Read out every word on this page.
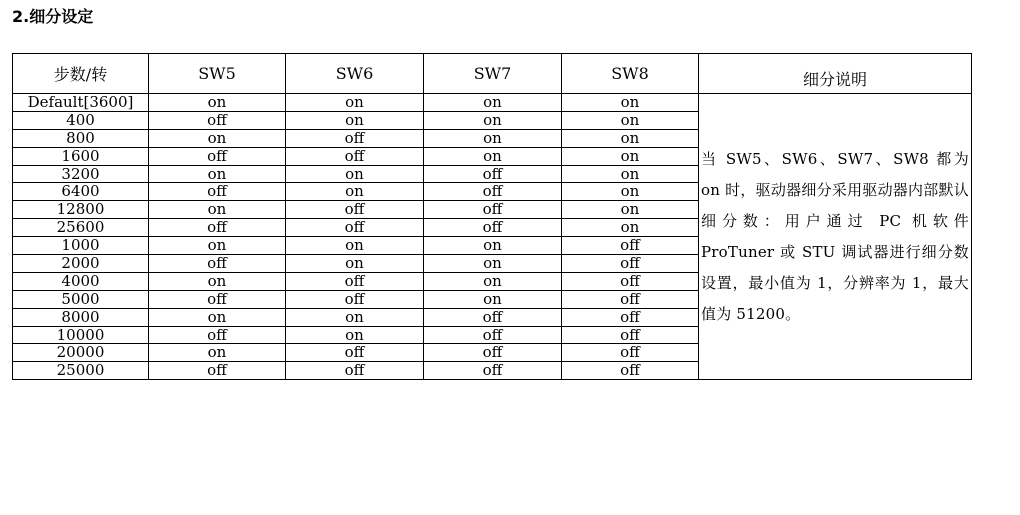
2.细分设定
步数/转	SW5	SW6	SW7	SW8	细分说明
Default[3600]	on	on	on	on	当 SW5、SW6、SW7、SW8 都为 on 时，驱动器细分采用驱动器内部默认细分数：用户通过 PC 机软件 ProTuner 或 STU 调试器进行细分数设置，最小值为 1，分辨率为 1，最大值为 51200。

400	off	on	on	on	
800	on	off	on	on	
1600	off	off	on	on	
3200	on	on	off	on	
6400	off	on	off	on	
12800	on	off	off	on	
25600	off	off	off	on	
1000	on	on	on	off	
2000	off	on	on	off	
4000	on	off	on	off	
5000	off	off	on	off	
8000	on	on	off	off	
10000	off	on	off	off	
20000	on	off	off	off	
25000	off	off	off	off	
